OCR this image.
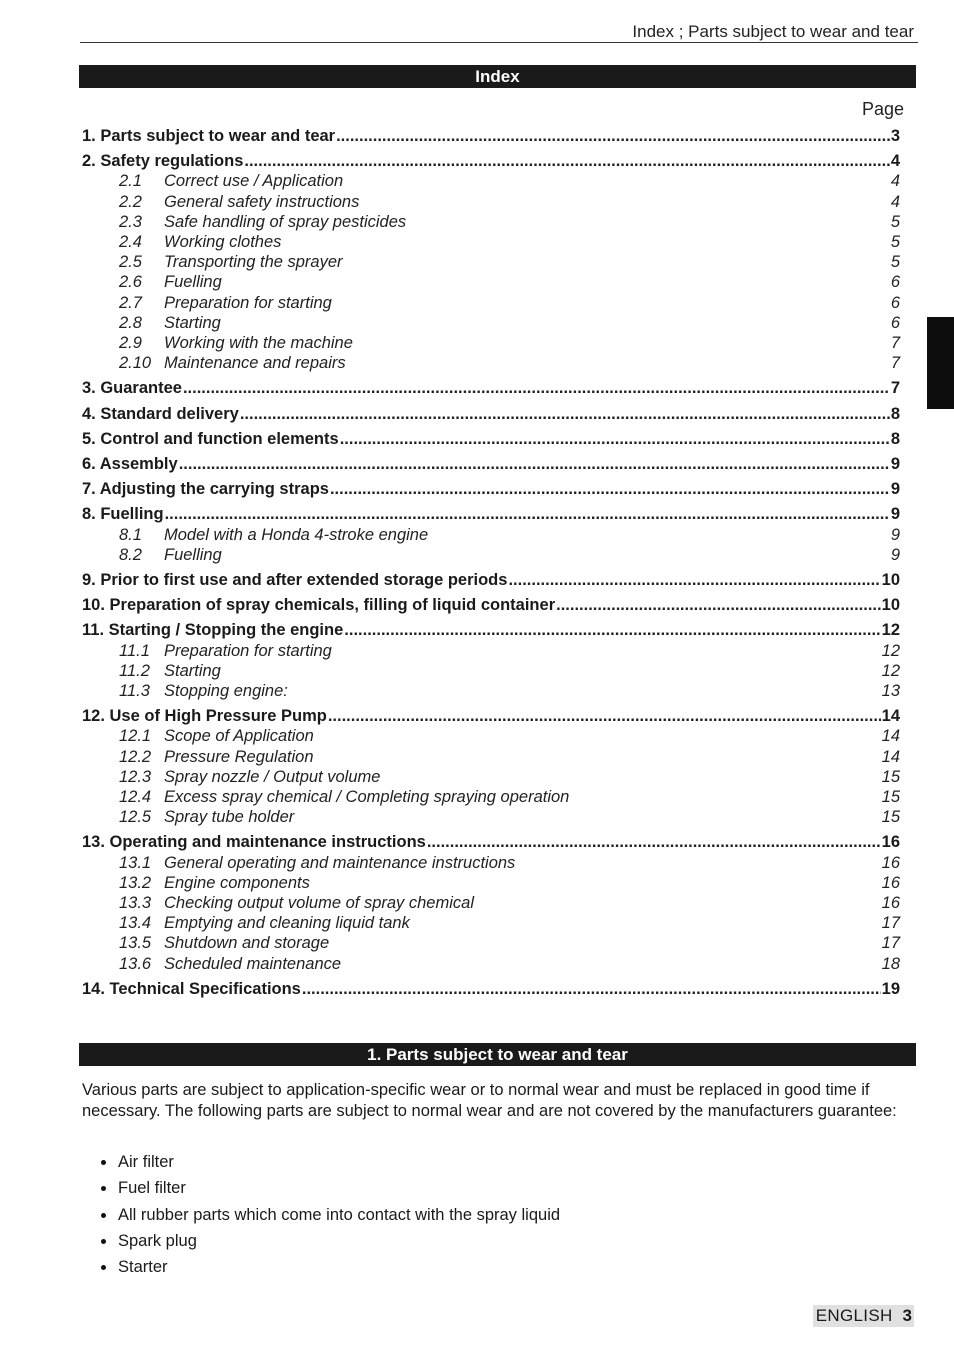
Index ; Parts subject to wear and tear
Index
Page
1. Parts subject to wear and tear .....	3
2. Safety regulations .....	4
2.1	Correct use / Application	4
2.2	General safety instructions	4
2.3	Safe handling of spray pesticides	5
2.4	Working clothes	5
2.5	Transporting the sprayer	5
2.6	Fuelling	6
2.7	Preparation for starting	6
2.8	Starting	6
2.9	Working with the machine	7
2.10 Maintenance and repairs	7
3. Guarantee .....	7
4. Standard delivery .....	8
5. Control and function elements .....	8
6. Assembly .....	9
7. Adjusting the carrying straps .....	9
8. Fuelling .....	9
8.1	Model with a Honda 4-stroke engine	9
8.2	Fuelling	9
9. Prior to first use and after extended storage periods .....	10
10. Preparation of spray chemicals, filling of liquid container .....	10
11. Starting / Stopping the engine .....	12
11.1 Preparation for starting	12
11.2 Starting	12
11.3 Stopping engine:	13
12. Use of High Pressure Pump .....	14
12.1 Scope of Application	14
12.2 Pressure Regulation	14
12.3 Spray nozzle / Output volume	15
12.4 Excess spray chemical / Completing spraying operation	15
12.5 Spray tube holder	15
13. Operating and maintenance instructions .....	16
13.1 General operating and maintenance instructions	16
13.2 Engine components	16
13.3 Checking output volume of spray chemical	16
13.4 Emptying and cleaning liquid tank	17
13.5 Shutdown and storage	17
13.6 Scheduled maintenance	18
14. Technical Specifications .....	19
1. Parts subject to wear and tear
Various parts are subject to application-specific wear or to normal wear and must be replaced in good time if necessary. The following parts are subject to normal wear and are not covered by the manufacturers guarantee:
Air filter
Fuel filter
All rubber parts which come into contact with the spray liquid
Spark plug
Starter
ENGLISH 3
